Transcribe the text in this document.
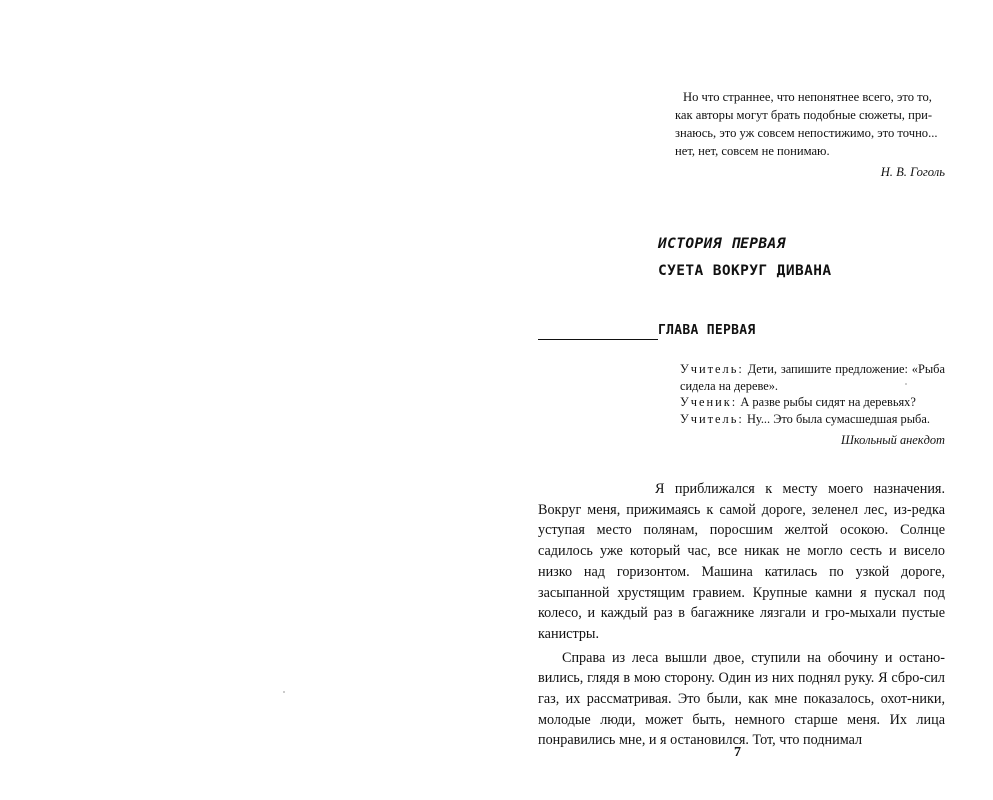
Но что страннее, что непонятнее всего, это то,

как авторы могут брать подобные сюжеты, при-

знаюсь, это уж совсем непостижимо, это точно...

нет, нет, совсем не понимаю.

Н. В. Гоголь

ИСТОРИЯ ПЕРВАЯ
СУЕТА ВОКРУГ ДИВАНА
ГЛАВА ПЕРВАЯ

Учитель: Дети, запишите предложение: «Рыба сидела на дереве».

Ученик: А разве рыбы сидят на деревьях?

Учитель: Ну... Это была сумасшедшая рыба.

Школьный анекдот

Я приближался к месту моего назначения. Вокруг меня, прижимаясь к самой дороге, зеленел лес, из-редка уступая место полянам, поросшим желтой осокою. Солнце садилось уже который час, все никак не могло сесть и висело низко над горизонтом. Машина катилась по узкой дороге, засыпанной хрустящим гравием. Крупные камни я пускал под колесо, и каждый раз в багажнике лязгали и гро-мыхали пустые канистры.

Справа из леса вышли двое, ступили на обочину и остано-вились, глядя в мою сторону. Один из них поднял руку. Я сбро-сил газ, их рассматривая. Это были, как мне показалось, охот-ники, молодые люди, может быть, немного старше меня. Их лица понравились мне, и я остановился. Тот, что поднимал

7
